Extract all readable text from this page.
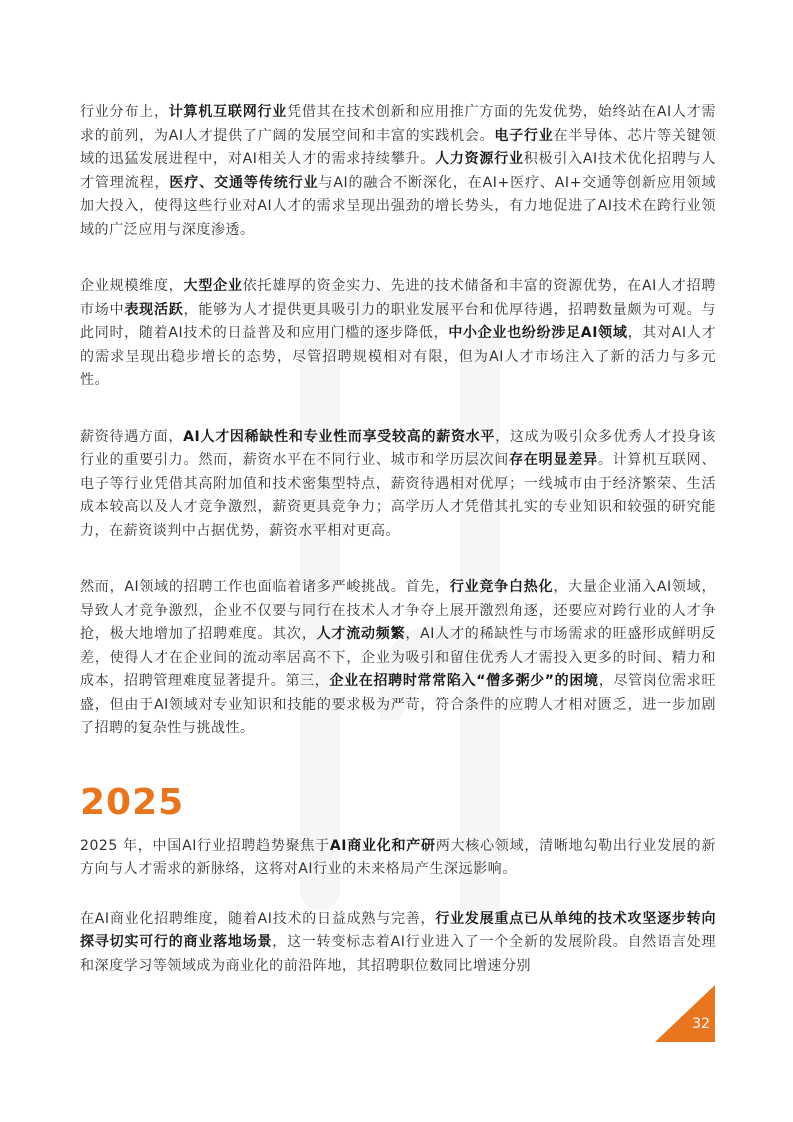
行业分布上，计算机互联网行业凭借其在技术创新和应用推广方面的先发优势，始终站在AI人才需求的前列，为AI人才提供了广阔的发展空间和丰富的实践机会。电子行业在半导体、芯片等关键领域的迅猛发展进程中，对AI相关人才的需求持续攀升。人力资源行业积极引入AI技术优化招聘与人才管理流程，医疗、交通等传统行业与AI的融合不断深化，在AI+医疗、AI+交通等创新应用领域加大投入，使得这些行业对AI人才的需求呈现出强劲的增长势头，有力地促进了AI技术在跨行业领域的广泛应用与深度渗透。

企业规模维度，大型企业依托雄厚的资金实力、先进的技术储备和丰富的资源优势，在AI人才招聘市场中表现活跃，能够为人才提供更具吸引力的职业发展平台和优厚待遇，招聘数量颇为可观。与此同时，随着AI技术的日益普及和应用门槛的逐步降低，中小企业也纷纷涉足AI领域，其对AI人才的需求呈现出稳步增长的态势，尽管招聘规模相对有限，但为AI人才市场注入了新的活力与多元性。

薪资待遇方面，AI人才因稀缺性和专业性而享受较高的薪资水平，这成为吸引众多优秀人才投身该行业的重要引力。然而，薪资水平在不同行业、城市和学历层次间存在明显差异。计算机互联网、电子等行业凭借其高附加值和技术密集型特点，薪资待遇相对优厚；一线城市由于经济繁荣、生活成本较高以及人才竞争激烈，薪资更具竞争力；高学历人才凭借其扎实的专业知识和较强的研究能力，在薪资谈判中占据优势，薪资水平相对更高。

然而，AI领域的招聘工作也面临着诸多严峻挑战。首先，行业竞争白热化，大量企业涌入AI领域，导致人才竞争激烈，企业不仅要与同行在技术人才争夺上展开激烈角逐，还要应对跨行业的人才争抢，极大地增加了招聘难度。其次，人才流动频繁，AI人才的稀缺性与市场需求的旺盛形成鲜明反差，使得人才在企业间的流动率居高不下，企业为吸引和留住优秀人才需投入更多的时间、精力和成本，招聘管理难度显著提升。第三，企业在招聘时常常陷入“僧多粥少”的困境，尽管岗位需求旺盛，但由于AI领域对专业知识和技能的要求极为严苛，符合条件的应聘人才相对匮乏，进一步加剧了招聘的复杂性与挑战性。

2025

2025 年，中国AI行业招聘趋势聚焦于AI商业化和产研两大核心领域，清晰地勾勒出行业发展的新方向与人才需求的新脉络，这将对AI行业的未来格局产生深远影响。

在AI商业化招聘维度，随着AI技术的日益成熟与完善，行业发展重点已从单纯的技术攻坚逐步转向探寻切实可行的商业落地场景，这一转变标志着AI行业进入了一个全新的发展阶段。自然语言处理和深度学习等领域成为商业化的前沿阵地，其招聘职位数同比增速分别

32
